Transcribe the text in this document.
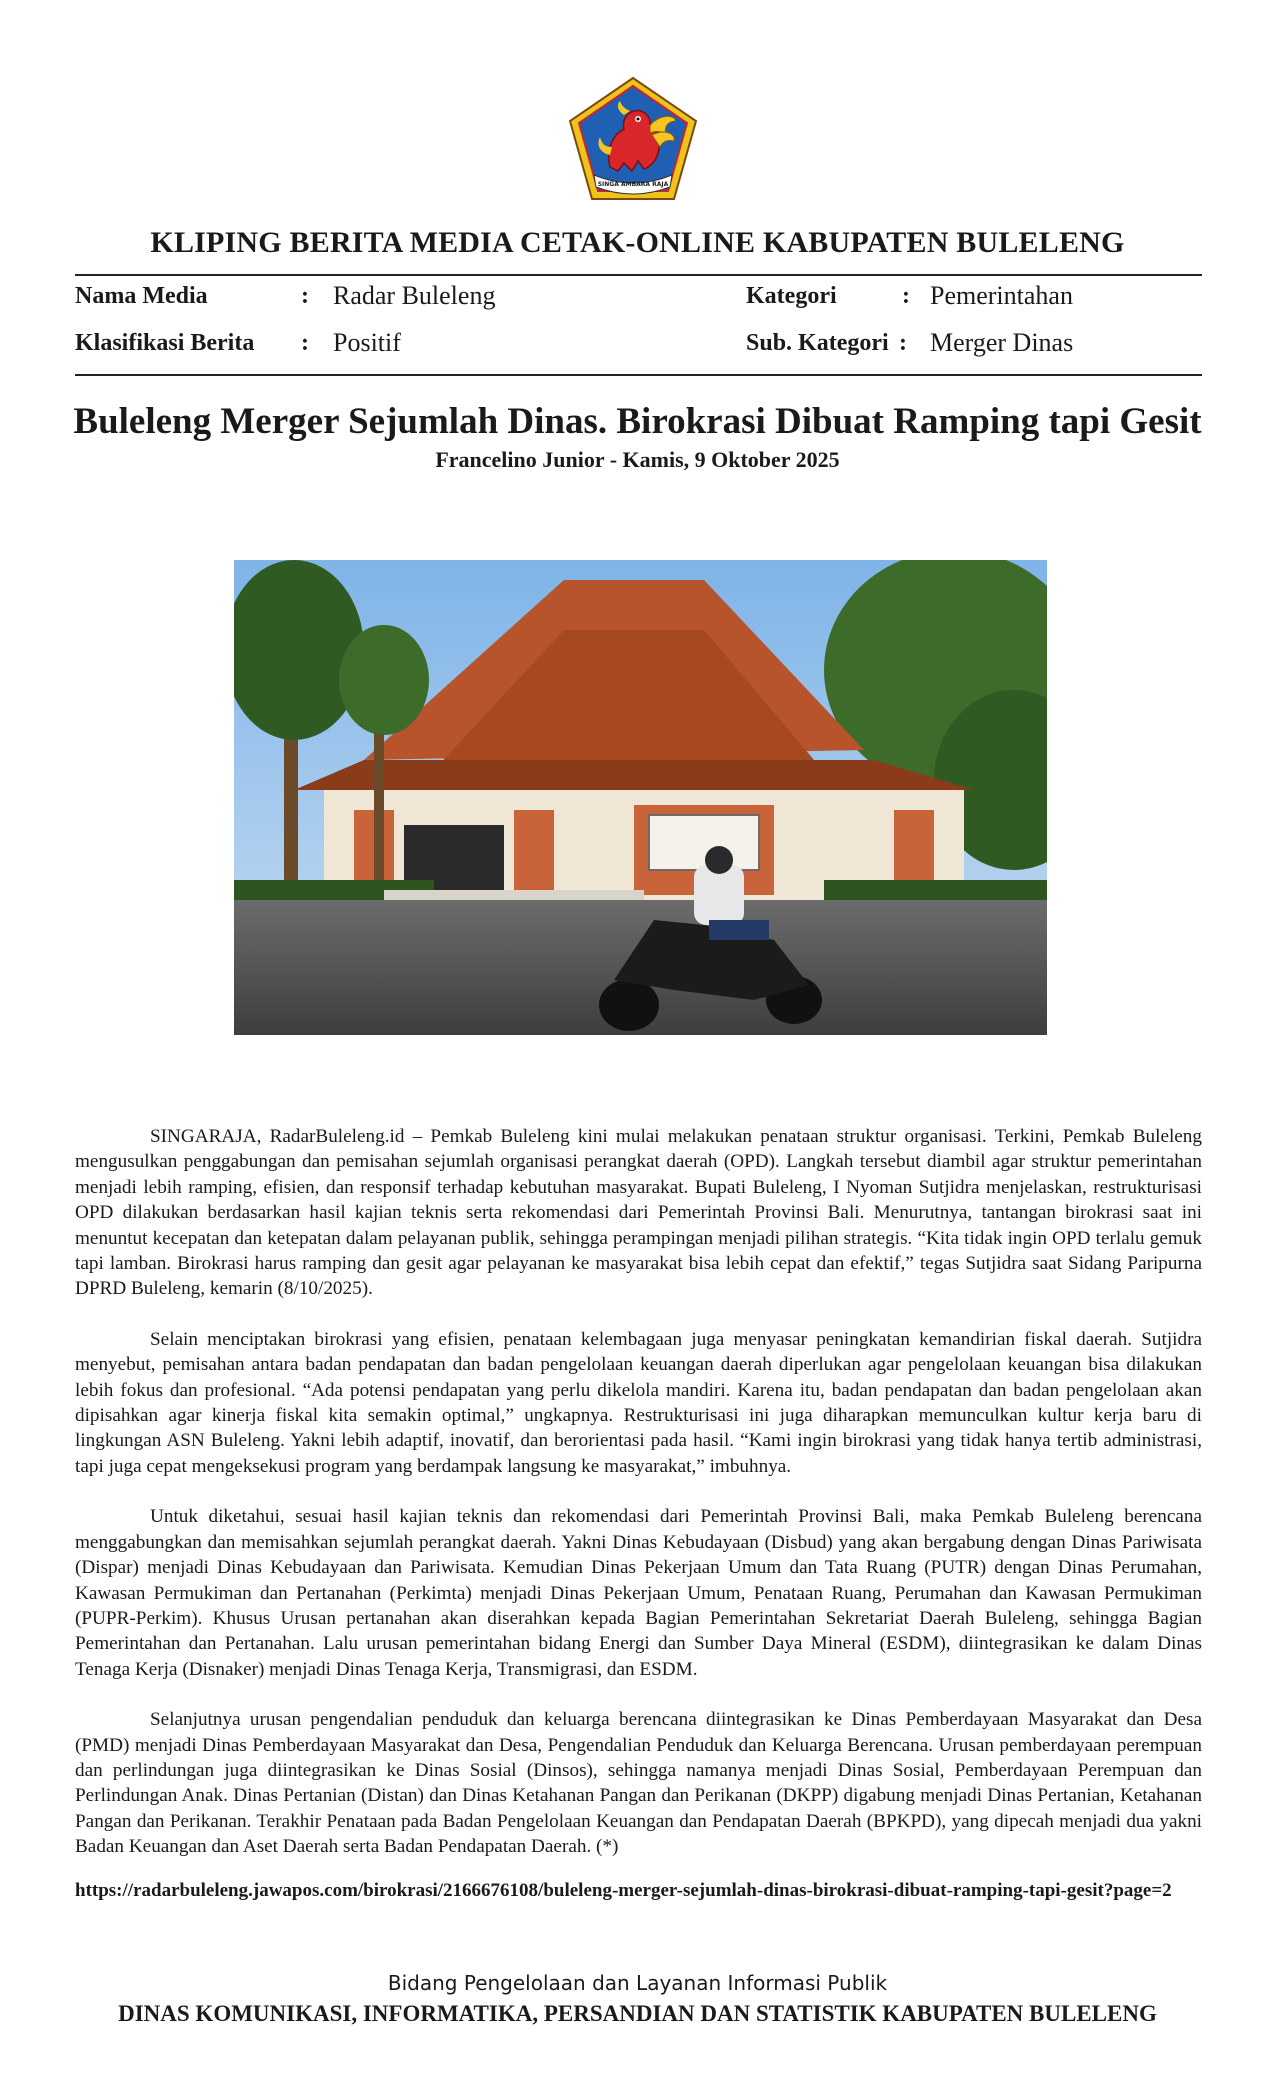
SINGA AMBARA RAJA
KLIPING BERITA MEDIA CETAK-ONLINE KABUPATEN BULELENG
Nama Media	: Radar Buleleng	Kategori	: Pemerintahan
Klasifikasi Berita : Positif	Sub. Kategori : Merger Dinas
Buleleng Merger Sejumlah Dinas. Birokrasi Dibuat Ramping tapi Gesit
Francelino Junior - Kamis, 9 Oktober 2025

SINGARAJA, RadarBuleleng.id – Pemkab Buleleng kini mulai melakukan penataan struktur organisasi. Terkini, Pemkab Buleleng mengusulkan penggabungan dan pemisahan sejumlah organisasi perangkat daerah (OPD). Langkah tersebut diambil agar struktur pemerintahan menjadi lebih ramping, efisien, dan responsif terhadap kebutuhan masyarakat. Bupati Buleleng, I Nyoman Sutjidra menjelaskan, restrukturisasi OPD dilakukan berdasarkan hasil kajian teknis serta rekomendasi dari Pemerintah Provinsi Bali. Menurutnya, tantangan birokrasi saat ini menuntut kecepatan dan ketepatan dalam pelayanan publik, sehingga perampingan menjadi pilihan strategis. “Kita tidak ingin OPD terlalu gemuk tapi lamban. Birokrasi harus ramping dan gesit agar pelayanan ke masyarakat bisa lebih cepat dan efektif,” tegas Sutjidra saat Sidang Paripurna DPRD Buleleng, kemarin (8/10/2025).

Selain menciptakan birokrasi yang efisien, penataan kelembagaan juga menyasar peningkatan kemandirian fiskal daerah. Sutjidra menyebut, pemisahan antara badan pendapatan dan badan pengelolaan keuangan daerah diperlukan agar pengelolaan keuangan bisa dilakukan lebih fokus dan profesional. “Ada potensi pendapatan yang perlu dikelola mandiri. Karena itu, badan pendapatan dan badan pengelolaan akan dipisahkan agar kinerja fiskal kita semakin optimal,” ungkapnya. Restrukturisasi ini juga diharapkan memunculkan kultur kerja baru di lingkungan ASN Buleleng. Yakni lebih adaptif, inovatif, dan berorientasi pada hasil. “Kami ingin birokrasi yang tidak hanya tertib administrasi, tapi juga cepat mengeksekusi program yang berdampak langsung ke masyarakat,” imbuhnya.

Untuk diketahui, sesuai hasil kajian teknis dan rekomendasi dari Pemerintah Provinsi Bali, maka Pemkab Buleleng berencana menggabungkan dan memisahkan sejumlah perangkat daerah. Yakni Dinas Kebudayaan (Disbud) yang akan bergabung dengan Dinas Pariwisata (Dispar) menjadi Dinas Kebudayaan dan Pariwisata. Kemudian Dinas Pekerjaan Umum dan Tata Ruang (PUTR) dengan Dinas Perumahan, Kawasan Permukiman dan Pertanahan (Perkimta) menjadi Dinas Pekerjaan Umum, Penataan Ruang, Perumahan dan Kawasan Permukiman (PUPR-Perkim). Khusus Urusan pertanahan akan diserahkan kepada Bagian Pemerintahan Sekretariat Daerah Buleleng, sehingga Bagian Pemerintahan dan Pertanahan. Lalu urusan pemerintahan bidang Energi dan Sumber Daya Mineral (ESDM), diintegrasikan ke dalam Dinas Tenaga Kerja (Disnaker) menjadi Dinas Tenaga Kerja, Transmigrasi, dan ESDM.

Selanjutnya urusan pengendalian penduduk dan keluarga berencana diintegrasikan ke Dinas Pemberdayaan Masyarakat dan Desa (PMD) menjadi Dinas Pemberdayaan Masyarakat dan Desa, Pengendalian Penduduk dan Keluarga Berencana. Urusan pemberdayaan perempuan dan perlindungan juga diintegrasikan ke Dinas Sosial (Dinsos), sehingga namanya menjadi Dinas Sosial, Pemberdayaan Perempuan dan Perlindungan Anak. Dinas Pertanian (Distan) dan Dinas Ketahanan Pangan dan Perikanan (DKPP) digabung menjadi Dinas Pertanian, Ketahanan Pangan dan Perikanan. Terakhir Penataan pada Badan Pengelolaan Keuangan dan Pendapatan Daerah (BPKPD), yang dipecah menjadi dua yakni Badan Keuangan dan Aset Daerah serta Badan Pendapatan Daerah. (*)

https://radarbuleleng.jawapos.com/birokrasi/2166676108/buleleng-merger-sejumlah-dinas-birokrasi-dibuat-ramping-tapi-gesit?page=2
Bidang Pengelolaan dan Layanan Informasi Publik
DINAS KOMUNIKASI, INFORMATIKA, PERSANDIAN DAN STATISTIK KABUPATEN BULELENG
